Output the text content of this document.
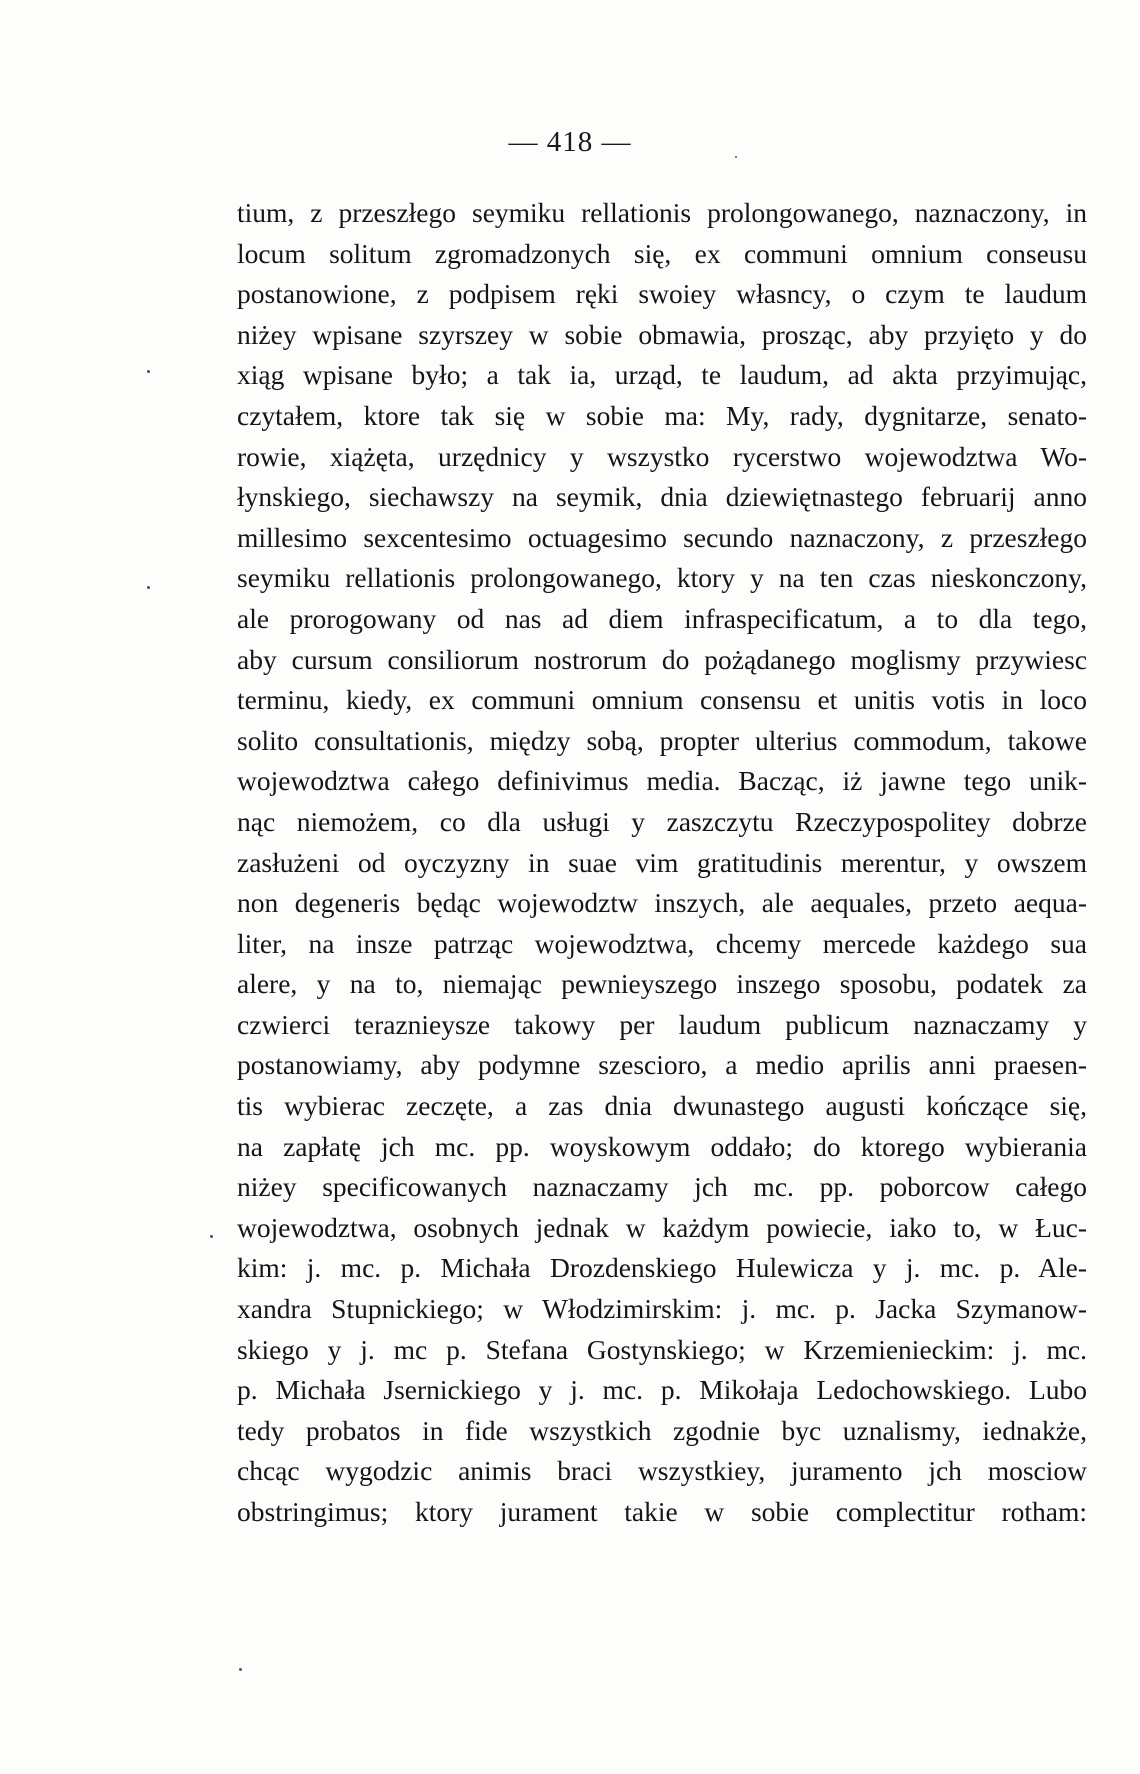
— 418 —
tium, z przeszłego seymiku rellationis prolongowanego, naznaczony, in
locum solitum zgromadzonych się, ex communi omnium conseusu
postanowione, z podpisem ręki swoiey własncy, o czym te laudum
niżey wpisane szyrszey w sobie obmawia, prosząc, aby przyięto y do
xiąg wpisane było; a tak ia, urząd, te laudum, ad akta przyimując,
czytałem, ktore tak się w sobie ma: My, rady, dygnitarze, senato-
rowie, xiążęta, urzędnicy y wszystko rycerstwo wojewodztwa Wo-
łynskiego, siechawszy na seymik, dnia dziewiętnastego februarij anno
millesimo sexcentesimo octuagesimo secundo naznaczony, z przeszłego
seymiku rellationis prolongowanego, ktory y na ten czas nieskonczony,
ale prorogowany od nas ad diem infraspecificatum, a to dla tego,
aby cursum consiliorum nostrorum do pożądanego moglismy przywiesc
terminu, kiedy, ex communi omnium consensu et unitis votis in loco
solito consultationis, między sobą, propter ulterius commodum, takowe
wojewodztwa całego definivimus media. Bacząc, iż jawne tego unik-
nąc niemożem, co dla usługi y zaszczytu Rzeczypospolitey dobrze
zasłużeni od oyczyzny in suae vim gratitudinis merentur, y owszem
non degeneris będąc wojewodztw inszych, ale aequales, przeto aequa-
liter, na insze patrząc wojewodztwa, chcemy mercede każdego sua
alere, y na to, niemając pewnieyszego inszego sposobu, podatek za
czwierci teraznieysze takowy per laudum publicum naznaczamy y
postanowiamy, aby podymne szescioro, a medio aprilis anni praesen-
tis wybierac zeczęte, a zas dnia dwunastego augusti kończące się,
na zapłatę jch mc. pp. woyskowym oddało; do ktorego wybierania
niżey specificowanych naznaczamy jch mc. pp. poborcow całego
wojewodztwa, osobnych jednak w każdym powiecie, iako to, w Łuc-
kim: j. mc. p. Michała Drozdenskiego Hulewicza y j. mc. p. Ale-
xandra Stupnickiego; w Włodzimirskim: j. mc. p. Jacka Szymanow-
skiego y j. mc p. Stefana Gostynskiego; w Krzemienieckim: j. mc.
p. Michała Jsernickiego y j. mc. p. Mikołaja Ledochowskiego. Lubo
tedy probatos in fide wszystkich zgodnie byc uznalismy, iednakże,
chcąc wygodzic animis braci wszystkiey, juramento jch mosciow
obstringimus; ktory jurament takie w sobie complectitur rotham:
